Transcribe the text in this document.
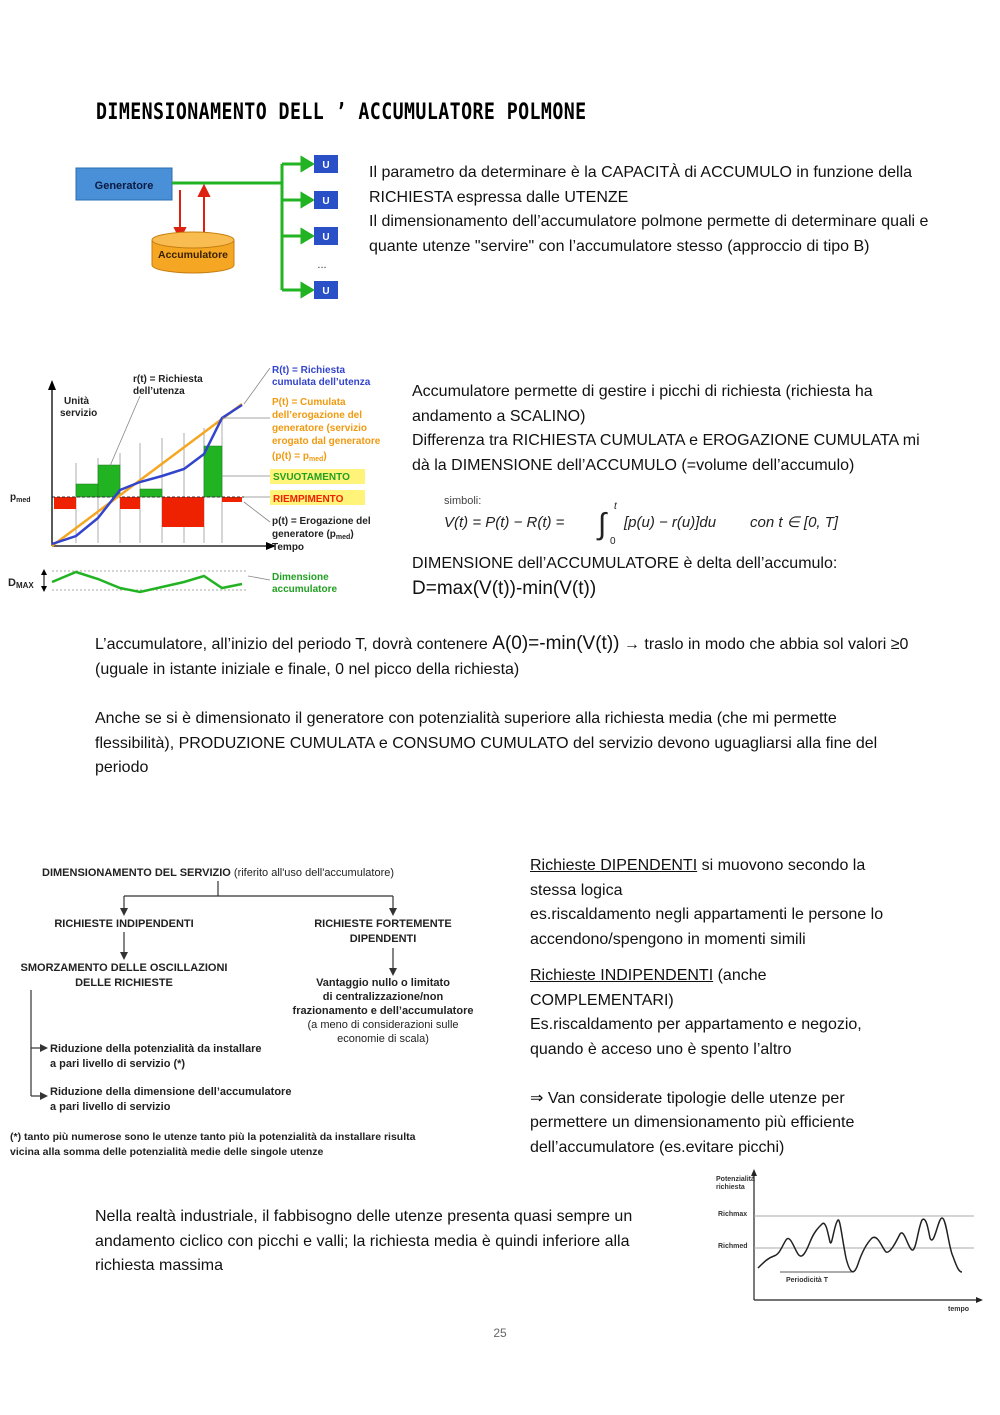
DIMENSIONAMENTO DELL ’ ACCUMULATORE POLMONE
Generatore
U
U
U
U
...
Accumulatore

Il parametro da determinare è la CAPACITÀ di ACCUMULO in funzione della RICHIESTA espressa dalle UTENZE

Il dimensionamento dell’accumulatore polmone permette di determinare quali e quante utenze "servire" con l’accumulatore stesso (approccio di tipo B)

Unità
servizio
r(t) = Richiesta
dell’utenza
R(t) = Richiesta
cumulata dell’utenza
P(t) = Cumulata
dell’erogazione del
generatore (servizio
erogato dal generatore
$(p(t) = p_{med})$
SVUOTAMENTO
RIEMPIMENTO
p(t) = Erogazione del
generatore $(p_{med})$
Tempo
$p_{med}$
DMAX
Dimensione
accumulatore

Accumulatore permette di gestire i picchi di richiesta (richiesta ha andamento a SCALINO)

Differenza tra RICHIESTA CUMULATA e EROGAZIONE CUMULATA mi dà la DIMENSIONE dell’ACCUMULO (=volume dell’accumulo)

simboli:
V(t) = P(t) − R(t) = ∫
t
0
[p(u) − r(u)]du con t ∈ [0, T]

DIMENSIONE dell’ACCUMULATORE è delta dell’accumulo:

D=max(V(t))-min(V(t))

L’accumulatore, all’inizio del periodo T, dovrà contenere A(0)=-min(V(t)) → traslo in modo che abbia sol valori ≥0 (uguale in istante iniziale e finale, 0 nel picco della richiesta)

Anche se si è dimensionato il generatore con potenzialità superiore alla richiesta media (che mi permette flessibilità), PRODUZIONE CUMULATA e CONSUMO CUMULATO del servizio devono uguagliarsi alla fine del periodo
DIMENSIONAMENTO DEL SERVIZIO (riferito all'uso dell'accumulatore)
RICHIESTE INDIPENDENTI	RICHIESTE FORTEMENTE
DIPENDENTI
SMORZAMENTO DELLE OSCILLAZIONI
DELLE RICHIESTE	Vantaggio nullo o limitato
di centralizzazione/non
frazionamento e dell’accumulatore
(a meno di considerazioni sulle
economie di scala)
Riduzione della potenzialità da installare
a pari livello di servizio (*)
Riduzione della dimensione dell’accumulatore
a pari livello di servizio
(*) tanto più numerose sono le utenze tanto più la potenzialità da installare risulta
vicina alla somma delle potenzialità medie delle singole utenze

Richieste DIPENDENTI si muovono secondo la stessa logica

es.riscaldamento negli appartamenti le persone lo accendono/spengono in momenti simili

Richieste INDIPENDENTI (anche COMPLEMENTARI)

Es.riscaldamento per appartamento e negozio, quando è acceso uno è spento l’altro

⇒ Van considerate tipologie delle utenze per permettere un dimensionamento più efficiente dell’accumulatore (es.evitare picchi)

Nella realtà industriale, il fabbisogno delle utenze presenta quasi sempre un andamento ciclico con picchi e valli; la richiesta media è quindi inferiore alla richiesta massima
Potenzialità
richiesta
Richmax
Richmed
Periodicità T
tempo
25
